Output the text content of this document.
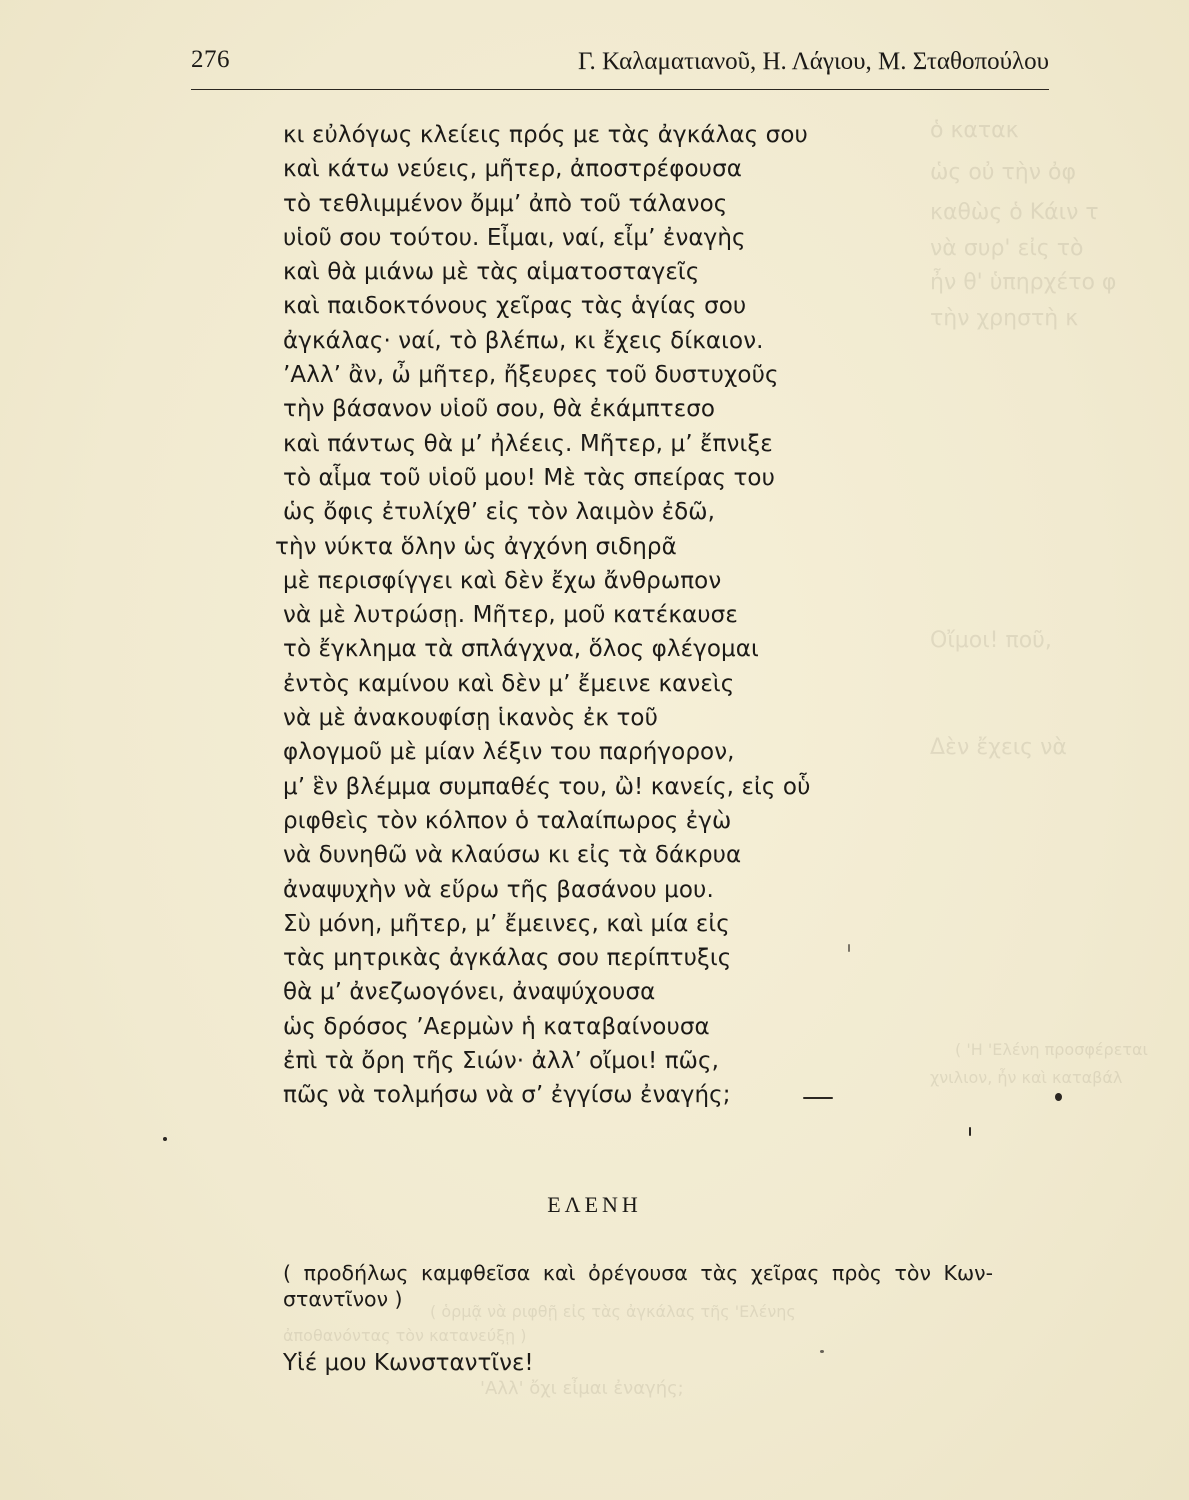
ὁ κατακ
ὡς οὐ τὴν ὀφ
καθὼς ὁ Κάιν τ
νὰ συρ' εἰς τὸ
ἦν θ' ὑπηρχέτο φ
τὴν χρηστὴ κ
Οἴμοι! ποῦ,
Δὲν ἔχεις νὰ
( 'Η 'Ελένη προσφέρεται
χνιλιον, ἦν καὶ καταβάλ
( ὁρμᾷ νὰ ριφθῇ εἰς τὰς ἀγκάλας τῆς 'Ελένης
ἀποθανόντας τὸν κατανεύξῃ )
'Αλλ' ὄχι εἶμαι ἐναγής;
276	Γ. Καλαματιανοῦ, Η. Λάγιου, Μ. Σταθοπούλου
κι εὐλόγως κλείεις πρός με τὰς ἀγκάλας σου
καὶ κάτω νεύεις, μῆτερ, ἀποστρέφουσα
τὸ τεθλιμμένον ὄμμ’ ἀπὸ τοῦ τάλανος
υἱοῦ σου τούτου. Εἶμαι, ναί, εἶμ’ ἐναγὴς
καὶ θὰ μιάνω μὲ τὰς αἱματοσταγεῖς
καὶ παιδοκτόνους χεῖρας τὰς ἁγίας σου
ἀγκάλας· ναί, τὸ βλέπω, κι ἔχεις δίκαιον.
’Αλλ’ ἂν, ὦ μῆτερ, ἤξευρες τοῦ δυστυχοῦς
τὴν βάσανον υἱοῦ σου, θὰ ἐκάμπτεσο
καὶ πάντως θὰ μ’ ἠλέεις. Μῆτερ, μ’ ἔπνιξε
τὸ αἷμα τοῦ υἱοῦ μου! Μὲ τὰς σπείρας του
ὡς ὄφις ἐτυλίχθ’ εἰς τὸν λαιμὸν ἐδῶ,
τὴν νύκτα ὅλην ὡς ἀγχόνη σιδηρᾶ
μὲ περισφίγγει καὶ δὲν ἔχω ἄνθρωπον
νὰ μὲ λυτρώσῃ. Μῆτερ, μοῦ κατέκαυσε
τὸ ἔγκλημα τὰ σπλάγχνα, ὅλος φλέγομαι
ἐντὸς καμίνου καὶ δὲν μ’ ἔμεινε κανεὶς
νὰ μὲ ἀνακουφίσῃ ἱκανὸς ἐκ τοῦ
φλογμοῦ μὲ μίαν λέξιν του παρήγορον,
μ’ ἓν βλέμμα συμπαθές του, ὢ! κανείς, εἰς οὗ
ριφθεὶς τὸν κόλπον ὁ ταλαίπωρος ἐγὼ
νὰ δυνηθῶ νὰ κλαύσω κι εἰς τὰ δάκρυα
ἀναψυχὴν νὰ εὕρω τῆς βασάνου μου.
Σὺ μόνη, μῆτερ, μ’ ἔμεινες, καὶ μία εἰς
τὰς μητρικὰς ἀγκάλας σου περίπτυξις
θὰ μ’ ἀνεζωογόνει, ἀναψύχουσα
ὡς δρόσος ’Αερμὼν ἡ καταβαίνουσα
ἐπὶ τὰ ὄρη τῆς Σιών· ἀλλ’ οἴμοι! πῶς,
πῶς νὰ τολμήσω νὰ σ’ ἐγγίσω ἐναγής;
ΕΛΕΝΗ
( προδήλως καμφθεῖσα καὶ ὀρέγουσα τὰς χεῖρας πρὸς τὸν Κων-
σταντῖνον )
Υἱέ μου Κωνσταντῖνε!
